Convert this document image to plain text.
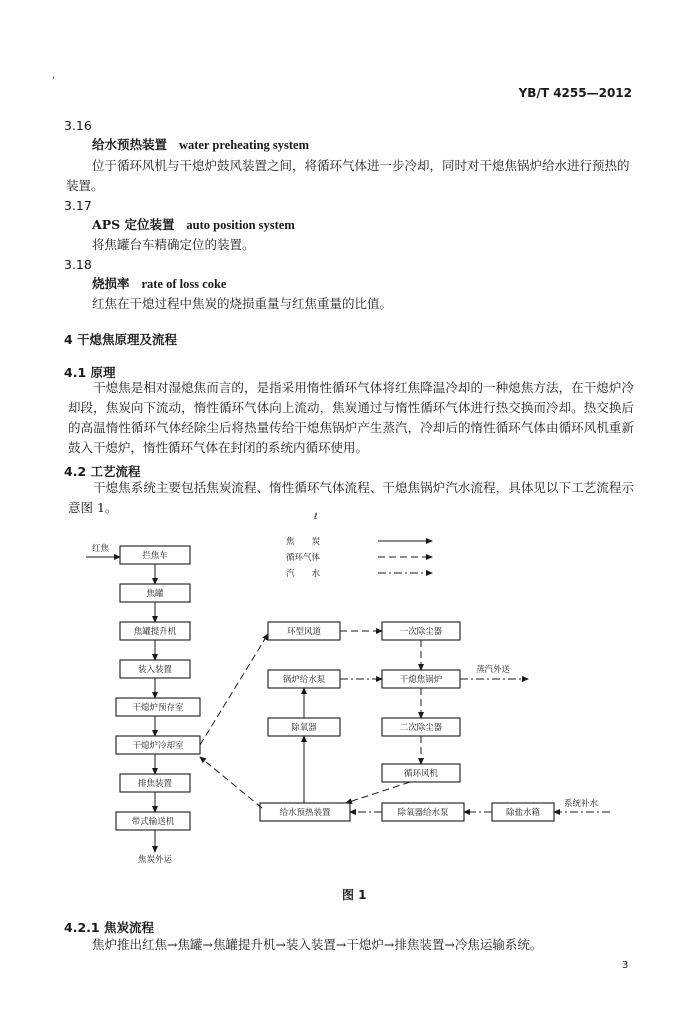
‘
YB/T 4255—2012
3.16
给水预热装置 water preheating system
位于循环风机与干熄炉鼓风装置之间，将循环气体进一步冷却，同时对干熄焦锅炉给水进行预热的
装置。
3.17
APS 定位装置 auto position system
将焦罐台车精确定位的装置。
3.18
烧损率 rate of loss coke
红焦在干熄过程中焦炭的烧损重量与红焦重量的比值。
4 干熄焦原理及流程
4.1 原理
干熄焦是相对湿熄焦而言的，是指采用惰性循环气体将红焦降温冷却的一种熄焦方法，在干熄炉冷却段，焦炭向下流动，惰性循环气体向上流动，焦炭通过与惰性循环气体进行热交换而冷却。热交换后的高温惰性循环气体经除尘后将热量传给干熄焦锅炉产生蒸汽，冷却后的惰性循环气体由循环风机重新鼓入干熄炉，惰性循环气体在封闭的系统内循环使用。
4.2 工艺流程
干熄焦系统主要包括焦炭流程、惰性循环气体流程、干熄焦锅炉汽水流程，具体见以下工艺流程示意图 1。
ℓ
焦　　炭
循环气体
汽　　水
红焦
拦焦车
焦罐
焦罐提升机
装入装置
干熄炉预存室
干熄炉冷却室
排焦装置
带式输送机
焦炭外运
环型风道	一次除尘器
锅炉给水泵	干熄焦锅炉
除氧器	二次除尘器
循环风机
给水预热装置	除氧器给水泵	除盐水箱
蒸汽外送
系统补水
图 1
4.2.1 焦炭流程
焦炉推出红焦→焦罐→焦罐提升机→装入装置→干熄炉→排焦装置→冷焦运输系统。
3
